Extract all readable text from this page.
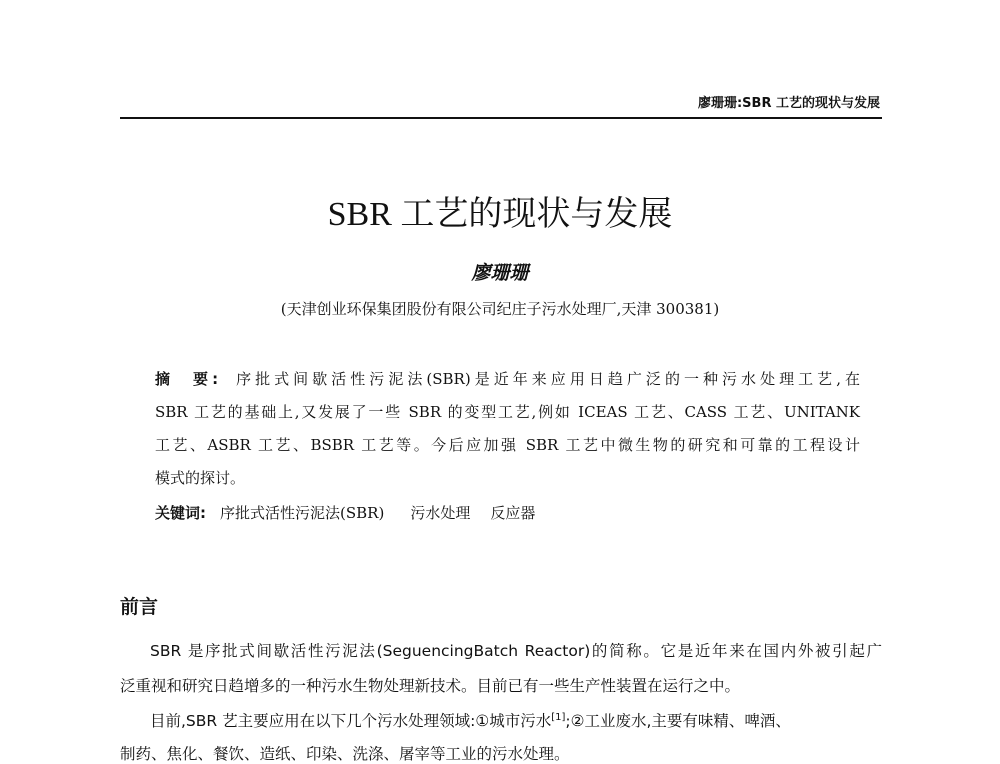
廖珊珊:SBR 工艺的现状与发展
SBR 工艺的现状与发展
廖珊珊
(天津创业环保集团股份有限公司纪庄子污水处理厂,天津 300381)
摘　要: 序批式间歇活性污泥法(SBR)是近年来应用日趋广泛的一种污水处理工艺,在
SBR 工艺的基础上,又发展了一些 SBR 的变型工艺,例如 ICEAS 工艺、CASS 工艺、UNITANK
工艺、ASBR 工艺、BSBR 工艺等。今后应加强 SBR 工艺中微生物的研究和可靠的工程设计
模式的探讨。
关键词: 序批式活性污泥法(SBR) 污水处理 反应器
前言
SBR 是序批式间歇活性污泥法(SeguencingBatch Reactor)的简称。它是近年来在国内外被引起广
泛重视和研究日趋增多的一种污水生物处理新技术。目前已有一些生产性装置在运行之中。
目前,SBR 艺主要应用在以下几个污水处理领域:①城市污水[1];②工业废水,主要有味精、啤酒、
制药、焦化、餐饮、造纸、印染、洗涤、屠宰等工业的污水处理。
